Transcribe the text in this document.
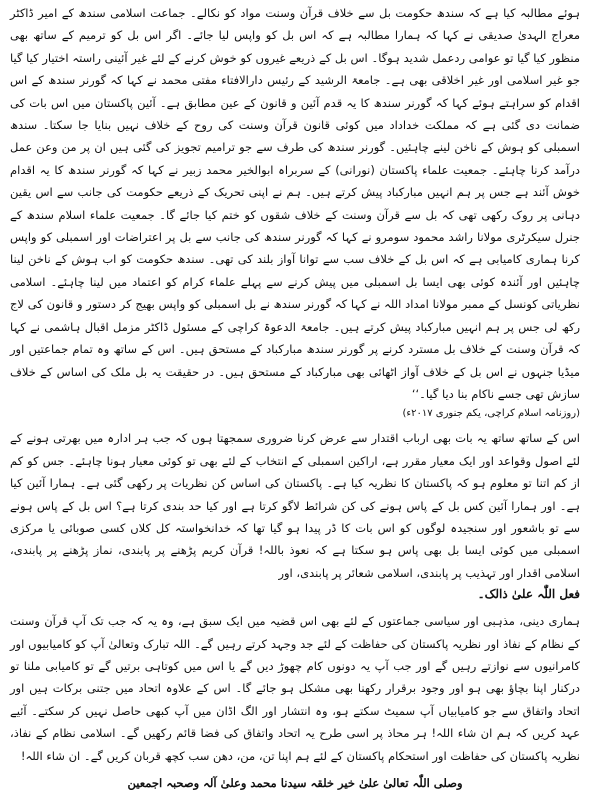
ہوئے مطالبہ کیا ہے کہ سندھ حکومت بل سے خلاف قرآن وسنت مواد کو نکالے۔ جماعت اسلامی سندھ کے امیر ڈاکٹر معراج الہدیٰ صدیقی نے کہا کہ ہمارا مطالبہ ہے کہ اس بل کو واپس لیا جائے۔ اگر اس بل کو ترمیم کے ساتھ بھی منظور کیا گیا تو عوامی ردعمل شدید ہوگا۔ اس بل کے ذریعے غیروں کو خوش کرنے کے لئے غیر آئینی راستہ اختیار کیا گیا جو غیر اسلامی اور غیر اخلاقی بھی ہے۔ جامعۃ الرشید کے رئیس دارالافتاء مفتی محمد نے کہا کہ گورنر سندھ کے اس اقدام کو سراہتے ہوئے کہا کہ گورنر سندھ کا یہ قدم آئین و قانون کے عین مطابق ہے۔ آئین پاکستان میں اس بات کی ضمانت دی گئی ہے کہ مملکت خداداد میں کوئی قانون قرآن وسنت کی روح کے خلاف نہیں بنایا جا سکتا۔ سندھ اسمبلی کو ہوش کے ناخن لینے چاہئیں۔ گورنر سندھ کی طرف سے جو ترامیم تجویز کی گئی ہیں ان پر من وعن عمل درآمد کرنا چاہئے۔ جمعیت علماء پاکستان (نورانی) کے سربراہ ابوالخیر محمد زبیر نے کہا کہ گورنر سندھ کا یہ اقدام خوش آئند ہے جس پر ہم انہیں مبارکباد پیش کرتے ہیں۔ ہم نے اپنی تحریک کے ذریعے حکومت کی جانب سے اس یقین دہانی پر روک رکھی تھی کہ بل سے قرآن وسنت کے خلاف شقوں کو ختم کیا جائے گا۔ جمعیت علماء اسلام سندھ کے جنرل سیکرٹری مولانا راشد محمود سومرو نے کہا کہ گورنر سندھ کی جانب سے بل پر اعتراضات اور اسمبلی کو واپس کرنا ہماری کامیابی ہے کہ اس بل کے خلاف سب سے توانا آواز بلند کی تھی۔ سندھ حکومت کو اب ہوش کے ناخن لینا چاہئیں اور آئندہ کوئی بھی ایسا بل اسمبلی میں پیش کرنے سے پہلے علماء کرام کو اعتماد میں لینا چاہئے۔ اسلامی نظریاتی کونسل کے ممبر مولانا امداد اللہ نے کہا کہ گورنر سندھ نے بل اسمبلی کو واپس بھیج کر دستور و قانون کی لاج رکھ لی جس پر ہم انہیں مبارکباد پیش کرتے ہیں۔ جامعۃ الدعوۃ کراچی کے مسئول ڈاکٹر مزمل اقبال ہاشمی نے کہا کہ قرآن وسنت کے خلاف بل مسترد کرنے پر گورنر سندھ مبارکباد کے مستحق ہیں۔ اس کے ساتھ وہ تمام جماعتیں اور میڈیا جنہوں نے اس بل کے خلاف آواز اٹھائی بھی مبارکباد کے مستحق ہیں۔ در حقیقت یہ بل ملک کی اساس کے خلاف سازش تھی جسے ناکام بنا دیا گیا۔‘‘

(روزنامہ اسلام کراچی، یکم جنوری ۲۰۱۷ء)

اس کے ساتھ ساتھ یہ بات بھی ارباب اقتدار سے عرض کرنا ضروری سمجھتا ہوں کہ جب ہر ادارہ میں بھرتی ہونے کے لئے اصول وقواعد اور ایک معیار مقرر ہے، اراکین اسمبلی کے انتخاب کے لئے بھی تو کوئی معیار ہونا چاہئے۔ جس کو کم از کم اتنا تو معلوم ہو کہ پاکستان کا نظریہ کیا ہے۔ پاکستان کی اساس کن نظریات پر رکھی گئی ہے۔ ہمارا آئین کیا ہے۔ اور ہمارا آئین کس بل کے پاس ہونے کی کن شرائط لاگو کرتا ہے اور کیا حد بندی کرتا ہے؟ اس بل کے پاس ہونے سے تو باشعور اور سنجیدہ لوگوں کو اس بات کا ڈر پیدا ہو گیا تھا کہ خدانخواستہ کل کلاں کسی صوبائی یا مرکزی اسمبلی میں کوئی ایسا بل بھی پاس ہو سکتا ہے کہ نعوذ باللہ! قرآن کریم پڑھنے پر پابندی، نماز پڑھنے پر پابندی، اسلامی اقدار اور تہذیب پر پابندی، اسلامی شعائر پر پابندی، اور

فعل اللّٰہ علیٰ ذالک۔

ہماری دینی، مذہبی اور سیاسی جماعتوں کے لئے بھی اس قضیہ میں ایک سبق ہے، وہ یہ کہ جب تک آپ قرآن وسنت کے نظام کے نفاذ اور نظریہ پاکستان کی حفاظت کے لئے جد وجہد کرتے رہیں گے۔ اللہ تبارک وتعالیٰ آپ کو کامیابیوں اور کامرانیوں سے نوازتے رہیں گے اور جب آپ یہ دونوں کام چھوڑ دیں گے یا اس میں کوتاہی برتیں گے تو کامیابی ملنا تو درکنار اپنا بچاؤ بھی ہو اور وجود برقرار رکھنا بھی مشکل ہو جائے گا۔ اس کے علاوہ اتحاد میں جتنی برکات ہیں اور اتحاد واتفاق سے جو کامیابیاں آپ سمیٹ سکتے ہو، وہ انتشار اور الگ اڈان میں آپ کبھی حاصل نہیں کر سکتے۔ آئیے عہد کریں کہ ہم ان شاء اللہ! ہر محاذ پر اسی طرح یہ اتحاد واتفاق کی فضا قائم رکھیں گے۔ اسلامی نظام کے نفاذ، نظریہ پاکستان کی حفاظت اور استحکام پاکستان کے لئے ہم اپنا تن، من، دھن سب کچھ قربان کریں گے۔ ان شاء اللہ!

وصلی اللّٰہ تعالیٰ علیٰ خیر خلقہ سیدنا محمد وعلیٰ آلہ وصحبہ اجمعین
